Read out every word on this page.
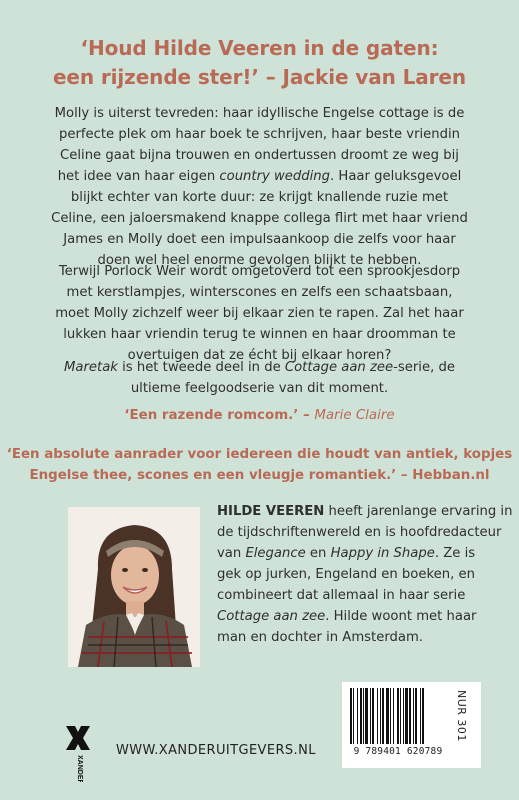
‘Houd Hilde Veeren in de gaten:
een rijzende ster!’ – Jackie van Laren
Molly is uiterst tevreden: haar idyllische Engelse cottage is de
perfecte plek om haar boek te schrijven, haar beste vriendin
Celine gaat bijna trouwen en ondertussen droomt ze weg bij
het idee van haar eigen country wedding. Haar geluksgevoel
blijkt echter van korte duur: ze krijgt knallende ruzie met
Celine, een jaloersmakend knappe collega flirt met haar vriend
James en Molly doet een impulsaankoop die zelfs voor haar
doen wel heel enorme gevolgen blijkt te hebben.
Terwijl Porlock Weir wordt omgetoverd tot een sprookjesdorp
met kerstlampjes, winterscones en zelfs een schaatsbaan,
moet Molly zichzelf weer bij elkaar zien te rapen. Zal het haar
lukken haar vriendin terug te winnen en haar droomman te
overtuigen dat ze écht bij elkaar horen?
Maretak is het tweede deel in de Cottage aan zee-serie, de
ultieme feelgoodserie van dit moment.
‘Een razende romcom.’ – Marie Claire
‘Een absolute aanrader voor iedereen die houdt van antiek, kopjes
Engelse thee, scones en een vleugje romantiek.’ – Hebban.nl
HILDE VEEREN heeft jarenlange ervaring in
de tijdschriftenwereld en is hoofdredacteur
van Elegance en Happy in Shape. Ze is
gek op jurken, Engeland en boeken, en
combineert dat allemaal in haar serie
Cottage aan zee. Hilde woont met haar
man en dochter in Amsterdam.
XANDER
WWW.XANDERUITGEVERS.NL
NUR 301
9 789401 620789
